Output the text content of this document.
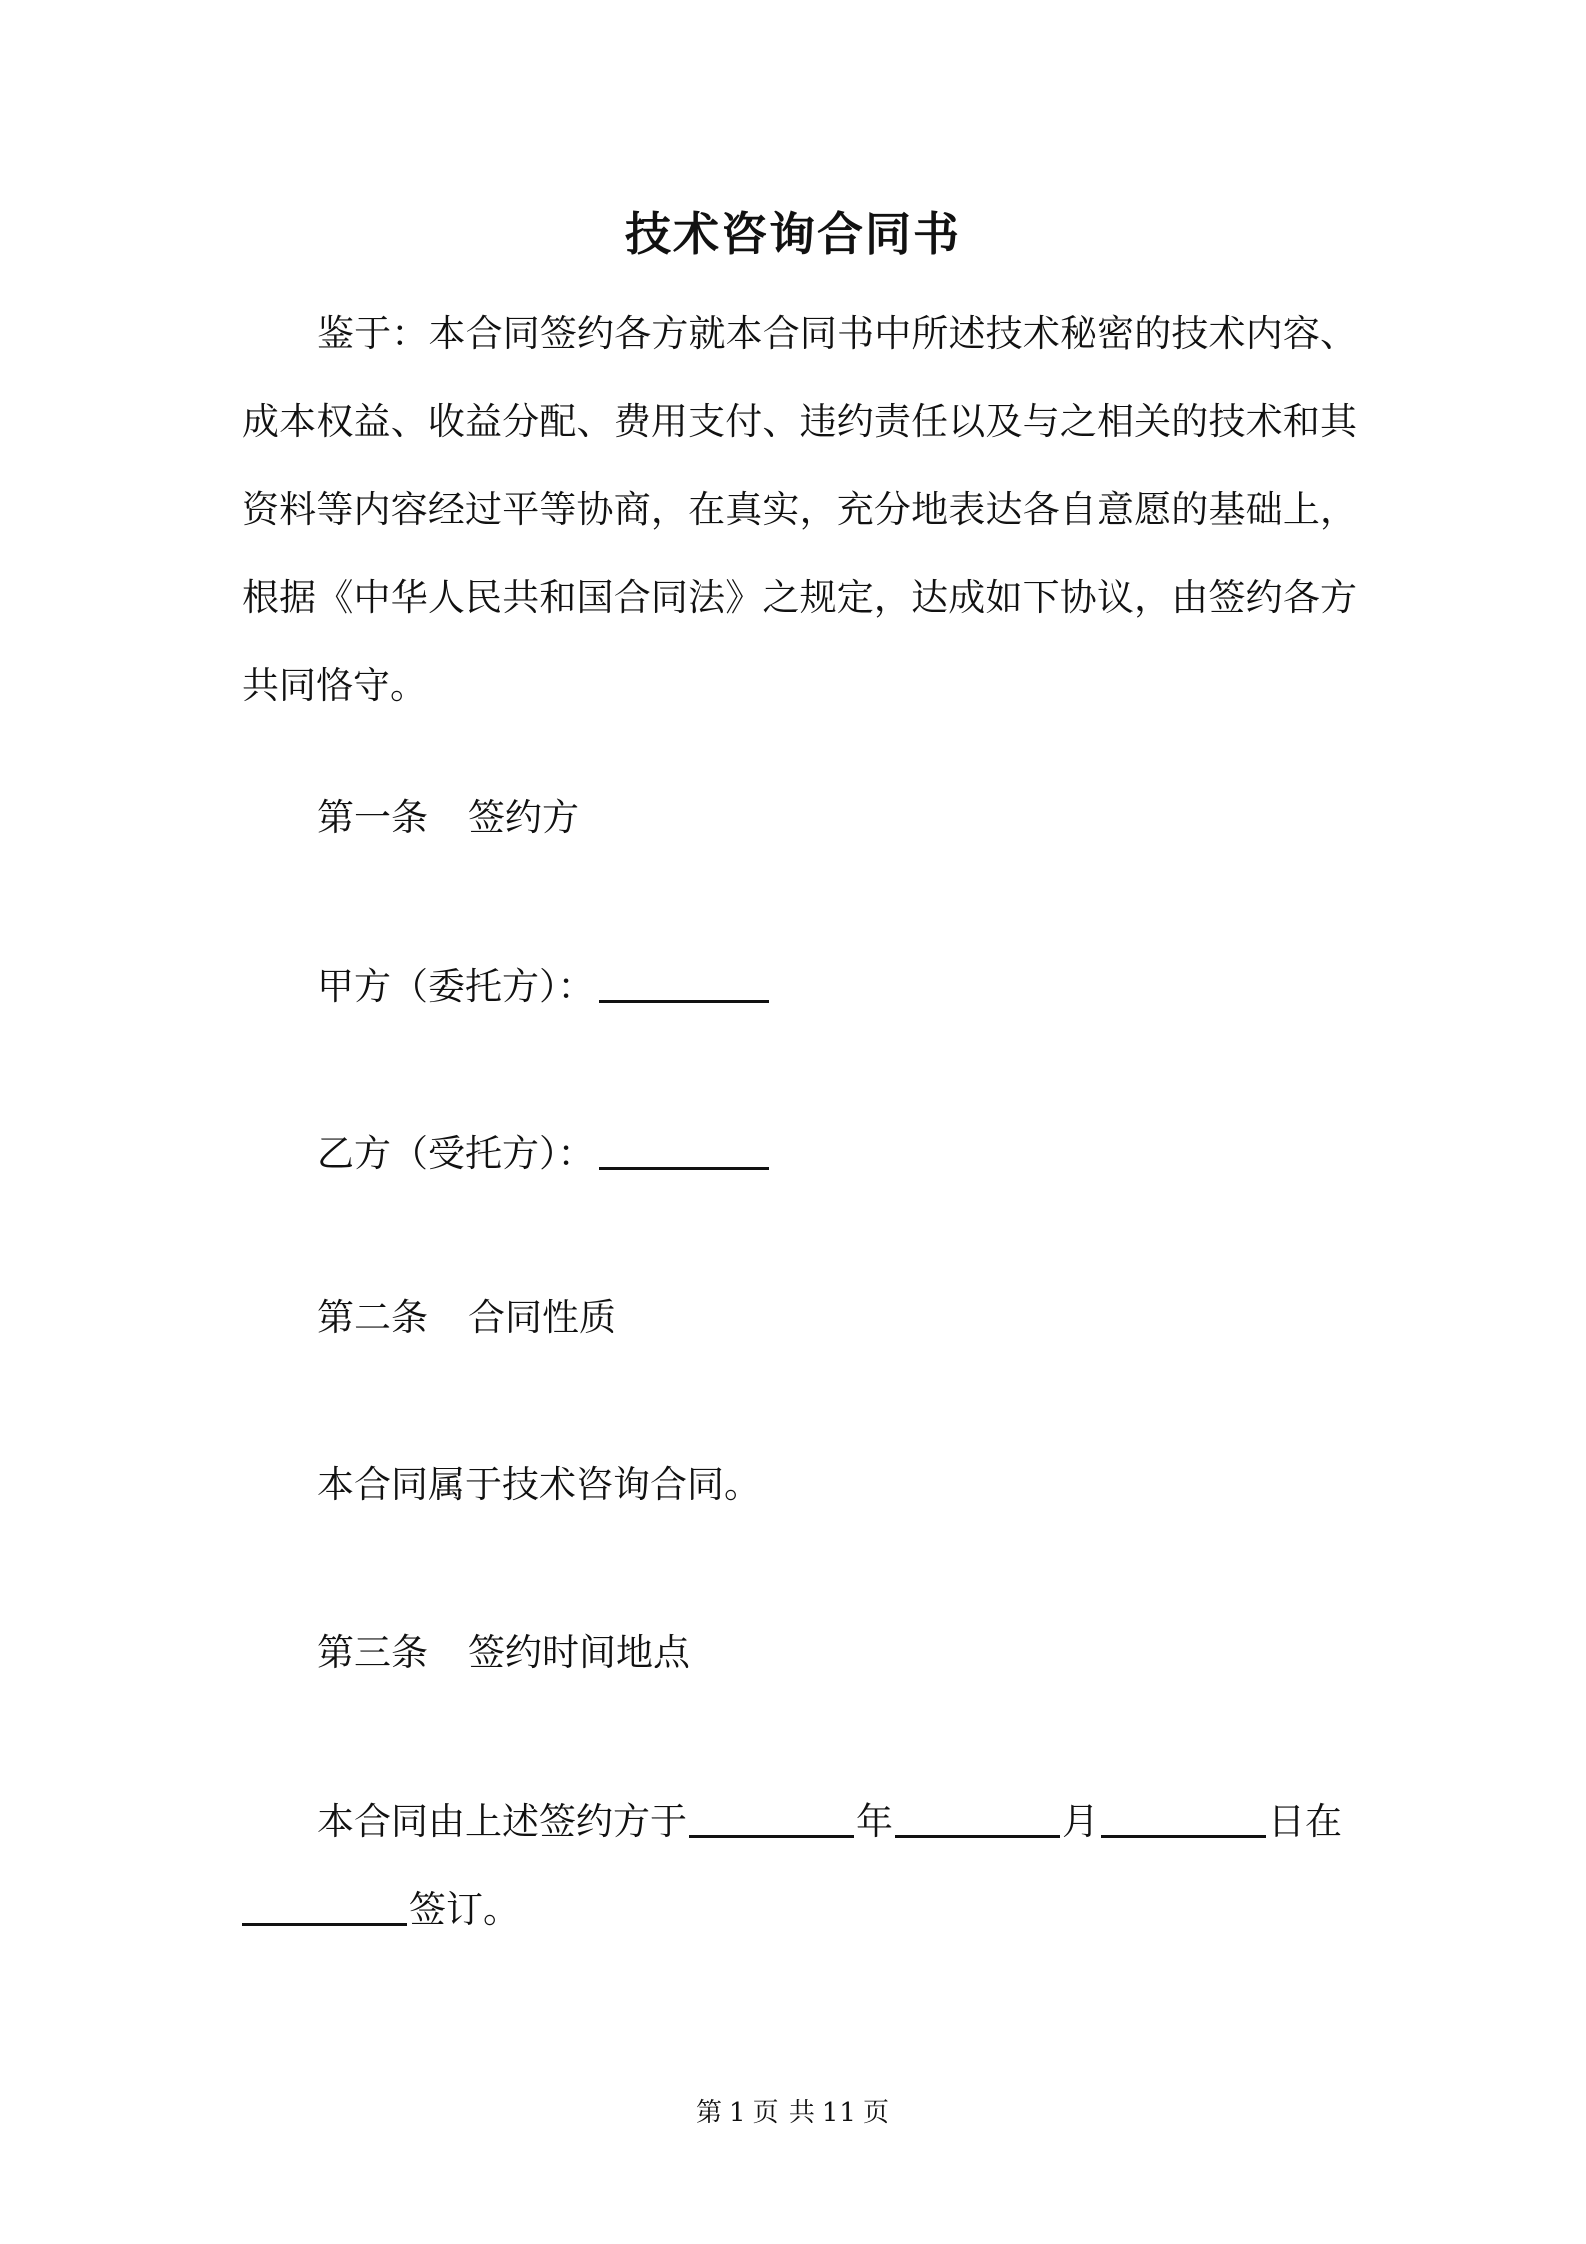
技术咨询合同书

鉴于：本合同签约各方就本合同书中所述技术秘密的技术内容、成本权益、收益分配、费用支付、违约责任以及与之相关的技术和其资料等内容经过平等协商，在真实，充分地表达各自意愿的基础上，根据《中华人民共和国合同法》之规定，达成如下协议，由签约各方共同恪守。

第一条 签约方

甲方（委托方）：

乙方（受托方）：

第二条 合同性质

本合同属于技术咨询合同。

第三条 签约时间地点

本合同由上述签约方于	年	月	日在

签订。

第 1 页 共 11 页
